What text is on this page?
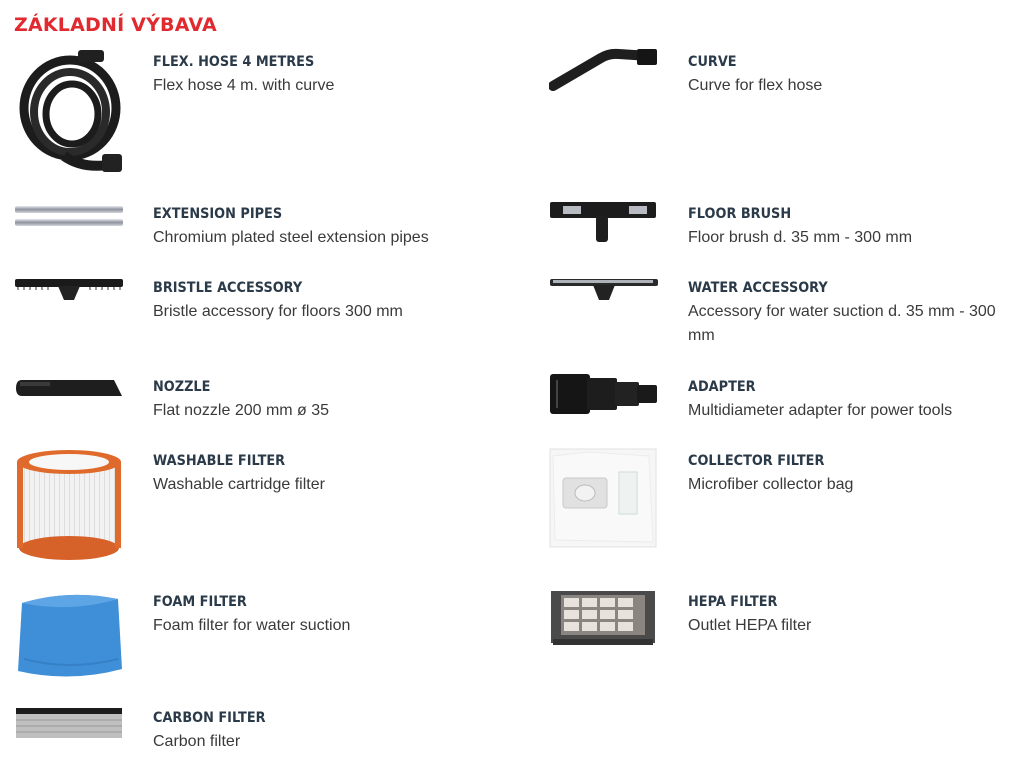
ZÁKLADNÍ VÝBAVA
FLEX. HOSE 4 METRES
Flex hose 4 m. with curve
CURVE
Curve for flex hose
EXTENSION PIPES
Chromium plated steel extension pipes
FLOOR BRUSH
Floor brush d. 35 mm - 300 mm
BRISTLE ACCESSORY
Bristle accessory for floors 300 mm
WATER ACCESSORY
Accessory for water suction d. 35 mm - 300 mm
NOZZLE
Flat nozzle 200 mm ø 35
ADAPTER
Multidiameter adapter for power tools
WASHABLE FILTER
Washable cartridge filter
COLLECTOR FILTER
Microfiber collector bag
FOAM FILTER
Foam filter for water suction
HEPA FILTER
Outlet HEPA filter
CARBON FILTER
Carbon filter
